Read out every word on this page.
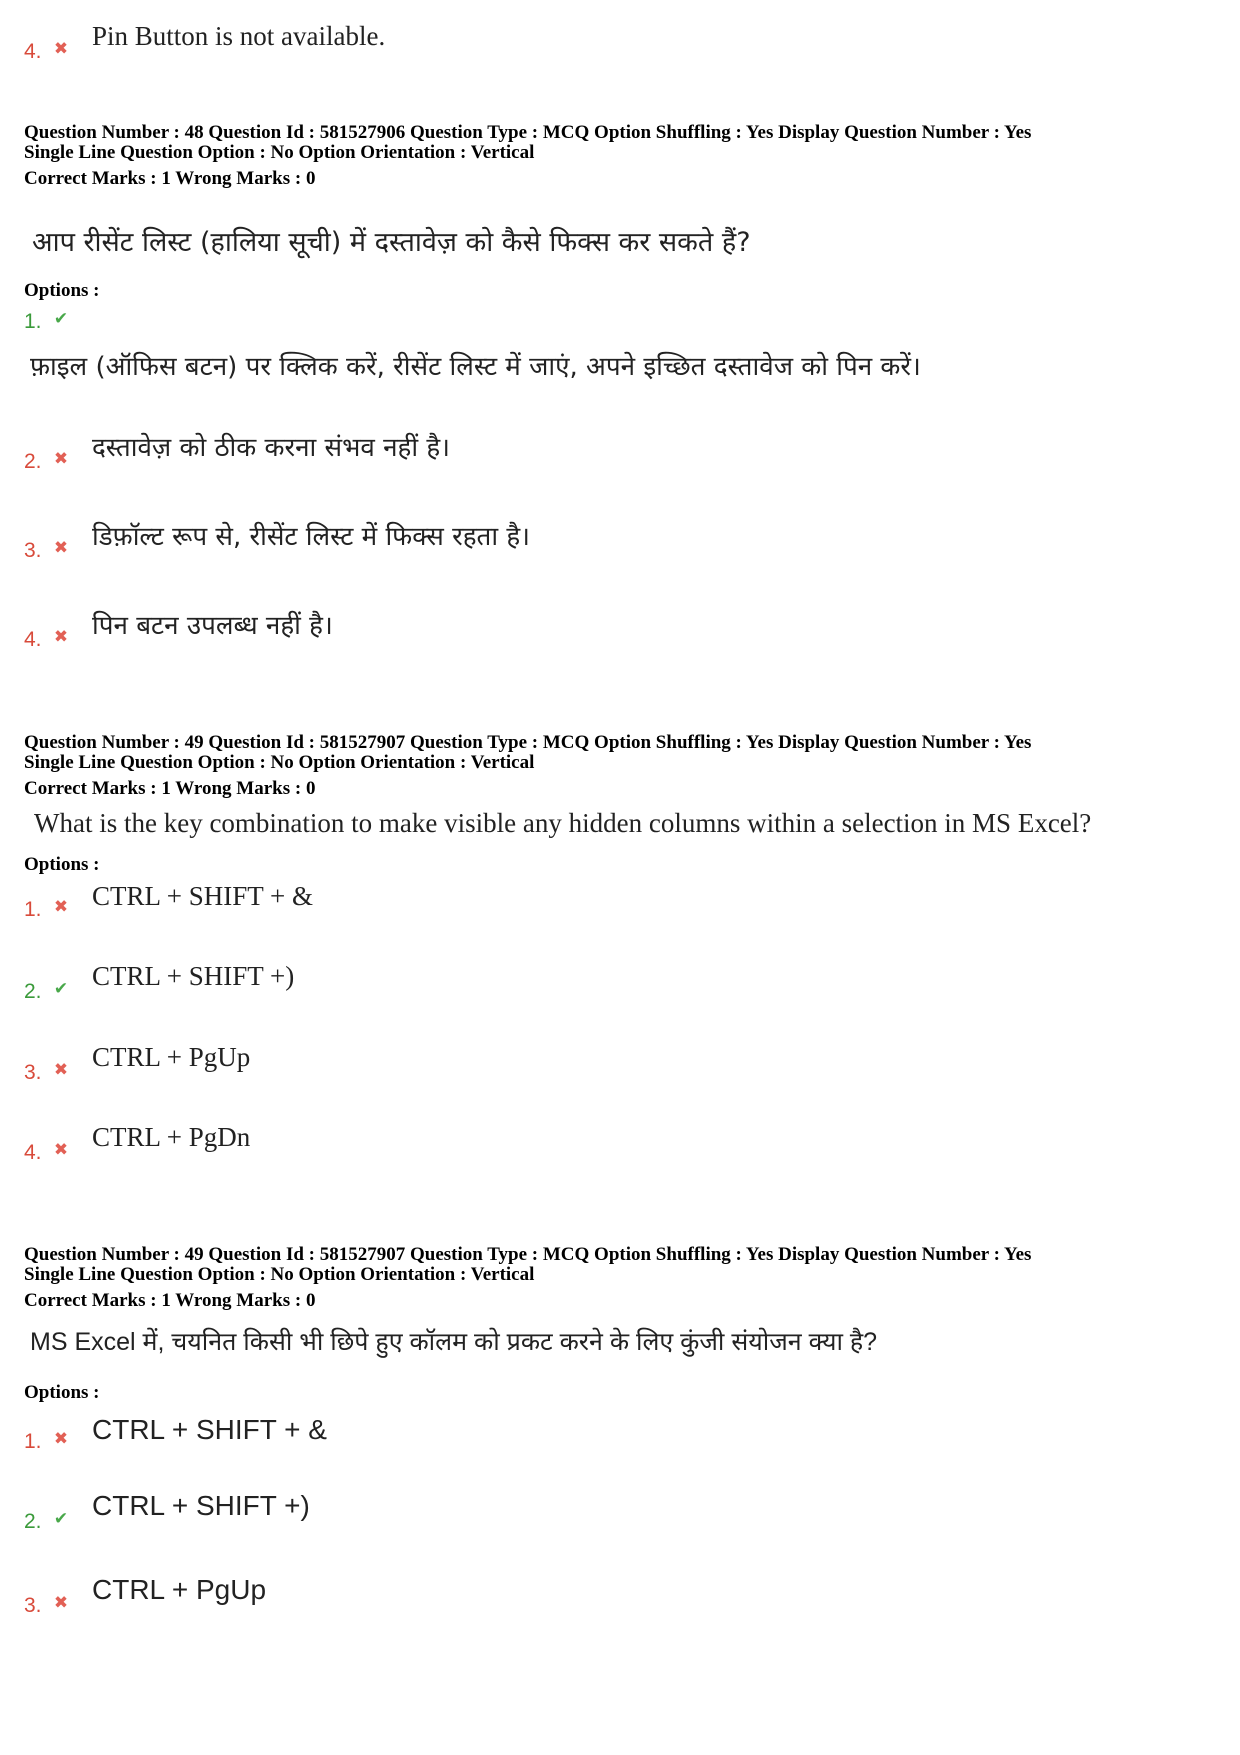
4. ✖ Pin Button is not available.
Question Number : 48 Question Id : 581527906 Question Type : MCQ Option Shuffling : Yes Display Question Number : Yes
Single Line Question Option : No Option Orientation : Vertical
Correct Marks : 1 Wrong Marks : 0
आप रीसेंट लिस्ट (हालिया सूची) में दस्तावेज़ को कैसे फिक्स कर सकते हैं?
Options :
1. ✔
फ़ाइल (ऑफिस बटन) पर क्लिक करें, रीसेंट लिस्ट में जाएं, अपने इच्छित दस्तावेज को पिन करें।
2. ✖ दस्तावेज़ को ठीक करना संभव नहीं है।
3. ✖ डिफ़ॉल्ट रूप से, रीसेंट लिस्ट में फिक्स रहता है।
4. ✖ पिन बटन उपलब्ध नहीं है।
Question Number : 49 Question Id : 581527907 Question Type : MCQ Option Shuffling : Yes Display Question Number : Yes
Single Line Question Option : No Option Orientation : Vertical
Correct Marks : 1 Wrong Marks : 0
What is the key combination to make visible any hidden columns within a selection in MS Excel?
Options :
1. ✖ CTRL + SHIFT + &
2. ✔ CTRL + SHIFT +)
3. ✖ CTRL + PgUp
4. ✖ CTRL + PgDn
Question Number : 49 Question Id : 581527907 Question Type : MCQ Option Shuffling : Yes Display Question Number : Yes
Single Line Question Option : No Option Orientation : Vertical
Correct Marks : 1 Wrong Marks : 0
MS Excel में, चयनित किसी भी छिपे हुए कॉलम को प्रकट करने के लिए कुंजी संयोजन क्या है?
Options :
1. ✖ CTRL + SHIFT + &
2. ✔ CTRL + SHIFT +)
3. ✖ CTRL + PgUp
